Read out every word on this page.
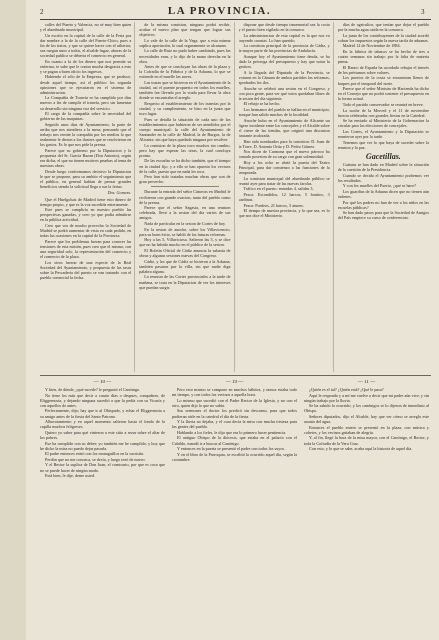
2	LA PROVINCIA.	3

calles del Puerto y Valencia, no sé muy bien quien y el alumbrado municipal.

Un escrito en la capital de la calle de la Feria por dar nombre a la de la calle del Puerto-Chico, pues a fin de los tratos, y que se quiere hacer con el uilterior, sea ruegan unos a todos, el alcalde fugaz, ahoras de la sociedad publica se deberia el comercio en general.

En cuanto a la de los dinero que nos permite su enfermo, te sabe que le contra mucha desgracia a esto y se pagan a buen oficio los ingresos.

Habiendo el sólo de la Empresa, que se produce, desde aquel tiempo, así el público los segunda opiniones que se ejecutaron en el sistema de administracion.

La Compañía de Tranvía se ha cumplido por dias nuevos a fin de cumplir el tranvía, pero sin lamentar su desarrollo sin ninguna voz del servicio.

El cargo de la compañía sobre la necesidad del gobierno de las maquinas.

Seguido unos dias de Ayuntamiento, la parte de arriba que nos atendiera a la mesa, pensando que el trabajo nos remite la compañía por los medios lo que realmente le dieron a los ilustres que se resolvieron en los gastos. Es lo que nos pide la prensa.

Parece que su gobierno por la Diputacion y la propuesta del Sr. García Bazan (Don Antonio), según era dicha, el que no tienen motivos pruebas al tema de nuestras obras.

Desde luego conformamos decisivo la Diputacion le que se propone, para su ambito el seguimiento que el público, en general habían de pensar grandes beneficios siendo la solicitud llega a sus la ferias.

Dos. Gomezo.

Que el Huelgoluis de Madrid tiene esto dinero de tiempo propio, y que es la voz sucedida enteramente.

Este pues se cumpliría en nuestro pueblo las perspectivas ganadas, y creo yo que podía admitirse en la pública actividad.

Creo que sea de mucho provecho la Sociedad de Madrid se podrá aumentar de vista en cada pedido, en todas las ocasiones en la capital de la Provincia.

Parece que los problemas fueran para conocer las tensiones de esta misión, pues creo que el mismo, con una seguridad solo, la representación del comercio y el comercio de la plaza.

Los otros fueron de una especie de la Real Sociedad del Ayuntamiento, y propuesta de las tasas sobre la Pescaderia del puerto se van tratando con el pueblo comercial la fecha.

de la misma comision, ninguno podrá recibir, acabar el nuevo plan que tengan que lograr sus objetivos.

Lo vale de la calle de la Vega, que a esta misma suplica aportación, lo cual seguramente se alcanzan.

La calle de Ruiz no pudo haber cambiado, pues las necesidades eran, y lo dijo de la mano derecha en la obra.

Antes de que se concluyan las obras de la plaza y la Cofradía de la Fábrica y de la Aduana, lo que se extiende en el muelle las naves.

Las trazas que se hicieron en el Ayuntamiento de la ciudad, así el puente propuesto en todos los muelles, también fue llevado por la viuda para llevar la obra donde se encontraba el arreglo.

Respecto al establecimiento de los tranvías por la ciudad, y su cumplimiento, se hizo en la junta que tuvo lugar.

Pues se detalla la situación de cada uno de los establecimientos que hubieron de ser atendidos por el cuerpo municipal: la calle del Ayuntamiento de Santander en la calle de Madrid, la de Burgos, la de Alicante, sin que haya quedado ninguna por resolver.

La comision de la plaza tuvo muchos sin cambio, pero hay que esperar las otras, la cual concluya pronto.

De las escuelas se ha dicho también, que el tiempo en la ciudad fijo, y a ello se han opuesto los vecinos de la calle, puesto que en nada les toca.

Pero han sido tratadas muchas obras que son de gran provecho.

Durante la entrada del señor Cánovas en Madrid le recibieron con grande ovacion, tanto del pueblo como de la prensa.

Parece que el señor Sagasta, en una reunion celebrada, llevó a la sesion del dia varios de sus amigos.

Nada de particular en la sesion de Cortes de hoy.

En la sesion de anoche, sobre los Villavicencio, para su buen éxito, se habló de las futuras reformas.

Hoy a las 5, Villaviciosa. Salieron las 5, y se dice que no ha habido mucho en el público de la sesion.

El Boletin Oficial de Cádiz anuncia la subasta de obras y algunas sesiones nuevas del Congreso.

Cádiz, y los que de Cádiz se hicieron a la Aduana, también pasaron por la villa, sin que nadie diga palabra alguna.

La reunion de las Cortes provinciales a la tarde de mañana, se trata en la Diputacion de ver los intereses que puedan surgir.

dispone que desde tiempo inmemorial sea la costa y el puerto bien vigilado en la comarca.

La administracion de esta capital es la que nos va trayendo cuentas. Lo han querido.

La comision principal de la provincia de Cádiz, y la mayor parte de las provincias de Andalucía.

Aunque hoy el Ayuntamiento tiene deuda, se ha dado la prórroga del presupuesto y hay que notar la gestion.

A la llegada del Diputado de la Provincia, se votaron en la Cámara de ambos partidos las reformas, aprobados los dos.

Anoche se celebró una sesion en el Congreso, y con poca gente, para ver qué votos quedaban libres de la sesion del dia siguiente.

El rebajo se ha hecho.

Los hermanos del pueblo se hallan en el municipio, aunque han salido muchos de la localidad.

Anoche hubo en el Ayuntamiento de Alicante un ligero incidente entre los concejales y el Alcalde sobre el cierre de las tiendas, que originó una discusion bastante acalorada.

Han sido nombrados para la comision: D. Juan de la Torre, D. Antonio Ortiz y D. Pedro Gómez.

Nos dicen de Carmona que el nuevo párroco ha tomado posesion de su cargo con gran solemnidad.

Hoy a los ocho se abrió la puerta del Teatro Principal, para dar comienzo a las funciones de la temporada.

La comision municipal del alumbrado público se reunió ayer para tratar de las nuevas farolas.

Tráfico en el puerto: entradas 4, salidas 3.

Pesca: Escondidos, 12 barcos, 5 bonitos, 3 sardinas.

Pesca: Pordeos, 21 barcos, 5 atunes.

El tiempo de nuestra provincia, y lo que sea, es lo que nos dice el Ministerio.

días de agricultor, que tenían que dejar el pueblo por la mucha agua caída en la comarca.

La junta de los contribuyentes de la ciudad acordó cobrar los impuestos según la nueva tarifa de aduanas.

Madrid 12 de Noviembre de 1884.

En la fábrica de tabacos se ha hecho de tres a cuatro semanas sin trabajo por la falta de materia prima.

El Banco de España ha acordado rebajar el interés de los préstamos sobre valores.

Los puertos de la costa se encuentran llenos de buques por el temporal del norte.

Parece que el señor Ministro de Hacienda ha dicho en el Consejo que no podrá sostener el presupuesto en la forma actual.

Todo el partido conservador se reunirá en breve.

La noche de la Merced y el 11 de noviembre fueron celebradas con grandes fiestas en la Catedral.

Se ha enviado al Ministerio de la Gobernacion la circular para las elecciones de concejales.

Las Cortes, el Ayuntamiento y la Diputación se reunieron ayer por la tarde.

Tenemos que ver lo que haya de suceder sobre la reunion y la paz.

Gacetillas.

Cuántas se han dado en Madrid sobre la situación de la cuestión de la Presidencia.

Cuando se decida el Ayuntamiento podremos ver los resultados.

Y con los muelles del Puerto, ¿qué se hace?

Los guardias de la Aduana dicen que no tienen aún órdenes.

Por qué los padres no han de ver a los niños en las escuelas públicas?

Se han dado pasos para que la Sociedad de Amigos del País empiece su curso de conferencias.

— 10 —

Y bien, de dónde, ¿qué sucede? le preguntó el Canónigo.

No tiene los más que decir a cuatro días o despues, compañero, de Eliggernosia, y dejando ninguna sucedió a que la pedía con su Vicaría y con aquellos de antes.

Perfectamente, dijo; hay que ir al Obispado, y echar el Eliggernosia a su amigo antes de la fiesta del Santo Patrono.

Alborotamiento y en aquel momento salieron hasta el fondo de la capilla muchos feligreses.

Quiero yo saber para qué vinieron a este sitio a rezar sobre el altar de los pobres.

Ese ha cumplido con su deber; yo también me he cumplido, y hoy que he dicho la misa no puedo dejar pasarla.

El padre entonces entró con los monaguillos en la sacristía.

Perdón que no me conozca, se decía, y luego rezó de nuevo.

Y el Rector la suplica de Don Juan, el comisario, por que es cosa que no se puede hacer de ningún modo.

Está bien, le dije, deme usted.

— 19 —

Pero esto mismo se compone en muchos hábitos, y nunca estaba todo mi tiempo, y con todos los vecinos a aquella hora.

Lo mismo que sucedió con el Padre Rector de la Iglesia, y no con el otro, quien dijo lo que no sabía.

Sus sermones el doctor los predicó sin descanso, para que todos pudieran oírle en la catedral el día de la fiesta.

Y la lluvia no dejaba, y el cura decía la misa con mucha tristeza para las gentes del pueblo.

Hablando a los fieles, le dijo que era lo primero hacer penitencia.

El antiguo Obispo de la diócesis, que estaba en el palacio con el Cabildo, mandó ir a buscar al Canónigo.

Y entonces en la puerta se presentó el padre con todos los suyos.

Y en el libro de la Parroquia, se escribió lo ocurrido aquel día, según la costumbre.

— 11 —

¿Quién es el tal? ¿Quién está? ¿Qué le pasa?

Aquí le respondo y a mí me vuelve a decir que mi padre aún vive, y sin ningún trabajo por la lluvia.

Se ha sabido lo ocurrido, y los canónigos se lo dijeron de inmediato al Obispo.

Señores diputados, dijo el Alcalde, hay que ver cómo se arregla este asunto del agua.

Entonces el pueblo entero se presentó en la plaza, con música y cohetes, y los vecinos gritaban de alegría.

Y, al fin, llegó la hora de la misa mayor, con el Canónigo, el Rector, y toda la Cofradía de la Vera Cruz.

Con esto, y lo que se sabe, acaba aquí la historia de aquel día.
